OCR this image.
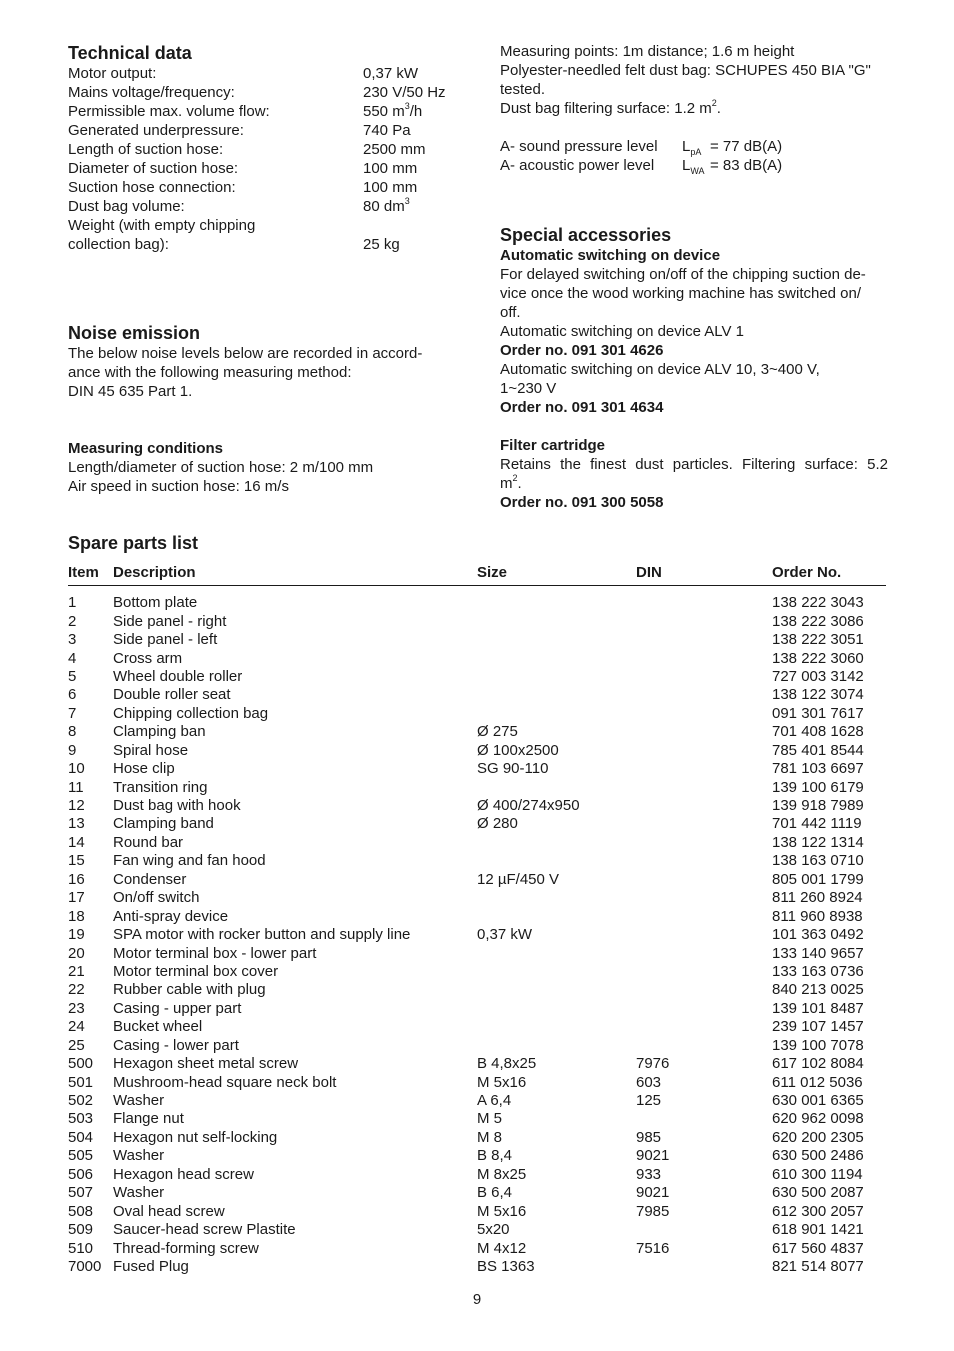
Technical data
Motor output:	0,37 kW
Mains voltage/frequency:	230 V/50 Hz
Permissible max. volume flow:	550 $m^3/h$
Generated underpressure:	740 Pa
Length of suction hose:	2500 mm
Diameter of suction hose:	100 mm
Suction hose connection:	100 mm
Dust bag volume:	80 $dm^3$
Weight (with empty chipping
collection bag):	25 kg
Noise emission
The below noise levels below are recorded in accord-
ance with the following measuring method:
DIN 45 635 Part 1.
Measuring conditions
Length/diameter of suction hose: 2 m/100 mm
Air speed in suction hose: 16 m/s
Measuring points: 1m distance; 1.6 m height
Polyester-needled felt dust bag: SCHUPES 450 BIA "G"
tested.
Dust bag filtering surface: 1.2 $m^2$.
A- sound pressure level $L_{pA} = 77$ dB(A)
A- acoustic power level $L_{WA} = 83$ dB(A)
Special accessories
Automatic switching on device
For delayed switching on/off of the chipping suction de-
vice once the wood working machine has switched on/
off.
Automatic switching on device ALV 1
Order no. 091 301 4626
Automatic switching on device ALV 10, 3~400 V,
1~230 V
Order no. 091 301 4634
Filter cartridge
Retains the finest dust particles. Filtering surface: 5.2
$m^2$.
Order no. 091 300 5058
Spare parts list
Item	Description	Size	DIN	Order No.
1	Bottom plate			138 222 3043
2	Side panel - right			138 222 3086
3	Side panel - left			138 222 3051
4	Cross arm			138 222 3060
5	Wheel double roller			727 003 3142
6	Double roller seat			138 122 3074
7	Chipping collection bag			091 301 7617
8	Clamping ban	Ø 275		701 408 1628
9	Spiral hose	Ø 100x2500		785 401 8544
10	Hose clip	SG 90-110		781 103 6697
11	Transition ring			139 100 6179
12	Dust bag with hook	Ø 400/274x950		139 918 7989
13	Clamping band	Ø 280		701 442 1119
14	Round bar			138 122 1314
15	Fan wing and fan hood			138 163 0710
16	Condenser	12 µF/450 V		805 001 1799
17	On/off switch			811 260 8924
18	Anti-spray device			811 960 8938
19	SPA motor with rocker button and supply line	0,37 kW		101 363 0492
20	Motor terminal box - lower part			133 140 9657
21	Motor terminal box cover			133 163 0736
22	Rubber cable with plug			840 213 0025
23	Casing - upper part			139 101 8487
24	Bucket wheel			239 107 1457
25	Casing - lower part			139 100 7078
500	Hexagon sheet metal screw	B 4,8x25	7976	617 102 8084
501	Mushroom-head square neck bolt	M 5x16	603	611 012 5036
502	Washer	A 6,4	125	630 001 6365
503	Flange nut	M 5		620 962 0098
504	Hexagon nut self-locking	M 8	985	620 200 2305
505	Washer	B 8,4	9021	630 500 2486
506	Hexagon head screw	M 8x25	933	610 300 1194
507	Washer	B 6,4	9021	630 500 2087
508	Oval head screw	M 5x16	7985	612 300 2057
509	Saucer-head screw Plastite	5x20		618 901 1421
510	Thread-forming screw	M 4x12	7516	617 560 4837
7000	Fused Plug	BS 1363		821 514 8077
9
